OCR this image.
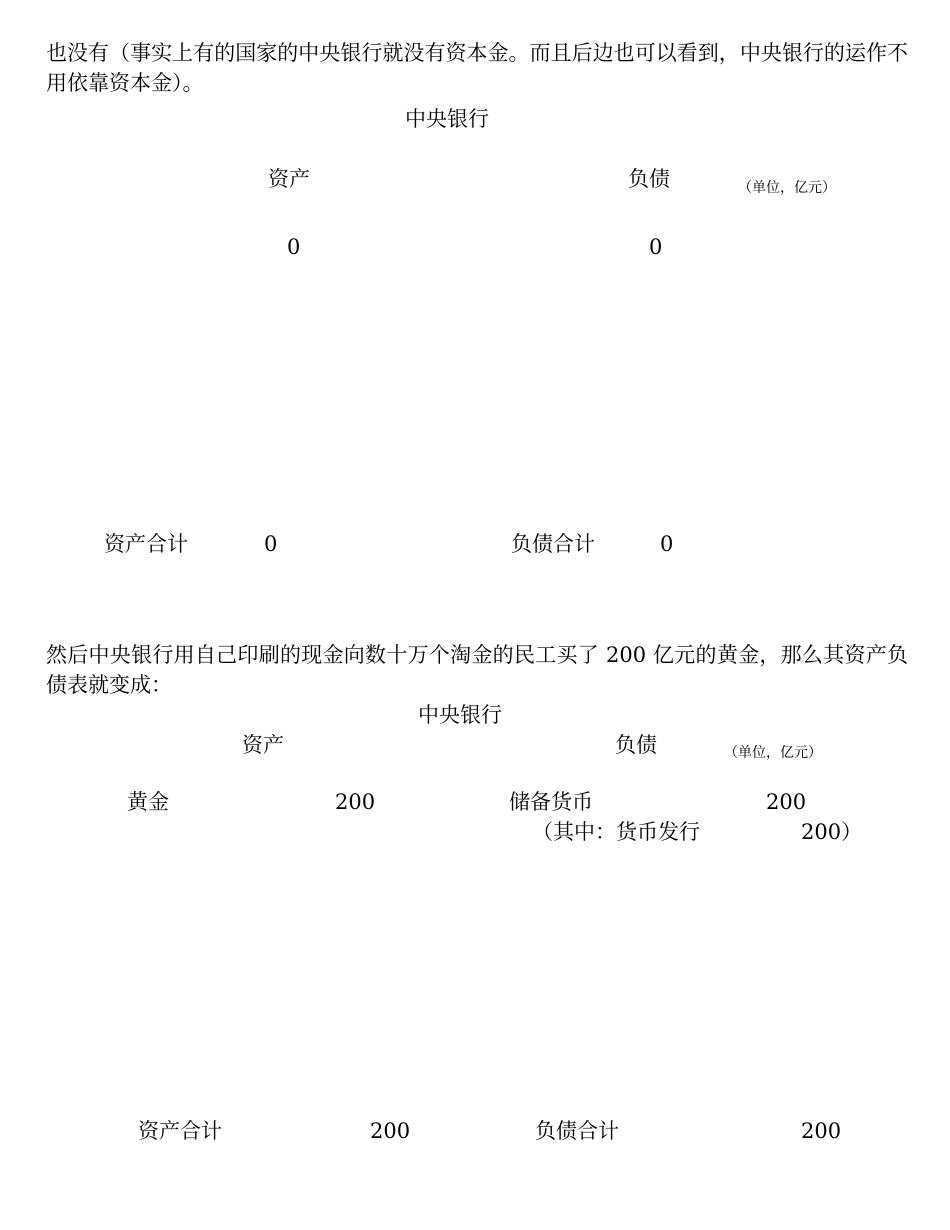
也没有（事实上有的国家的中央银行就没有资本金。而且后边也可以看到，中央银行的运作不用依靠资本金）。

中央银行
资产	负债	（单位，亿元）
0	0
资产合计	0	负债合计	0

然后中央银行用自己印刷的现金向数十万个淘金的民工买了 200 亿元的黄金，那么其资产负债表就变成：

中央银行
资产	负债	（单位，亿元）
黄金	200	储备货币	200
（其中：货币发行	200）
资产合计	200	负债合计	200
